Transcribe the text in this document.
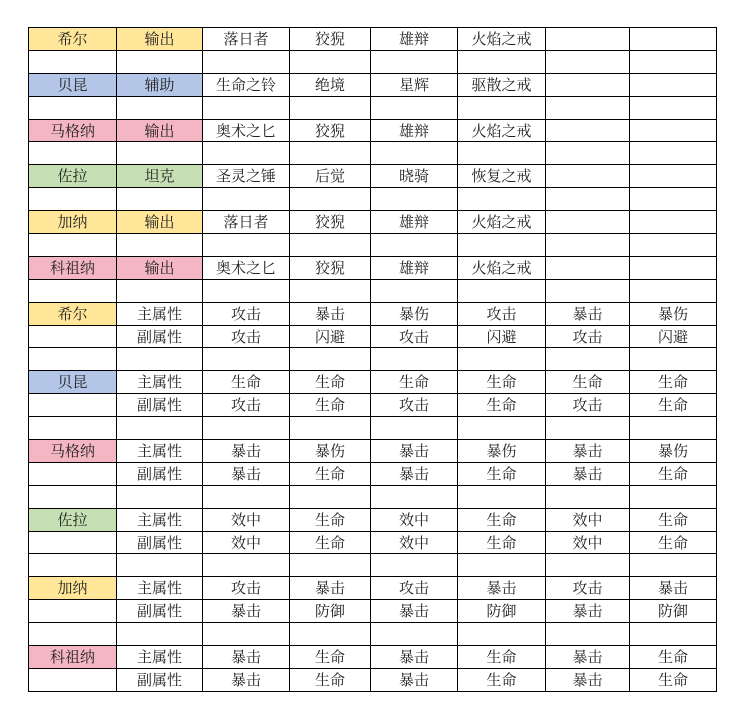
希尔	输出	落日者	狡猊	雄辩	火焰之戒		

贝昆	辅助	生命之铃	绝境	星辉	驱散之戒		

马格纳	输出	奥术之匕	狡猊	雄辩	火焰之戒		

佐拉	坦克	圣灵之锤	后觉	晓骑	恢复之戒		

加纳	输出	落日者	狡猊	雄辩	火焰之戒		

科祖纳	输出	奥术之匕	狡猊	雄辩	火焰之戒		

希尔	主属性	攻击	暴击	暴伤	攻击	暴击	暴伤
	副属性	攻击	闪避	攻击	闪避	攻击	闪避

贝昆	主属性	生命	生命	生命	生命	生命	生命
	副属性	攻击	生命	攻击	生命	攻击	生命

马格纳	主属性	暴击	暴伤	暴击	暴伤	暴击	暴伤
	副属性	暴击	生命	暴击	生命	暴击	生命

佐拉	主属性	效中	生命	效中	生命	效中	生命
	副属性	效中	生命	效中	生命	效中	生命

加纳	主属性	攻击	暴击	攻击	暴击	攻击	暴击
	副属性	暴击	防御	暴击	防御	暴击	防御

科祖纳	主属性	暴击	生命	暴击	生命	暴击	生命
	副属性	暴击	生命	暴击	生命	暴击	生命
